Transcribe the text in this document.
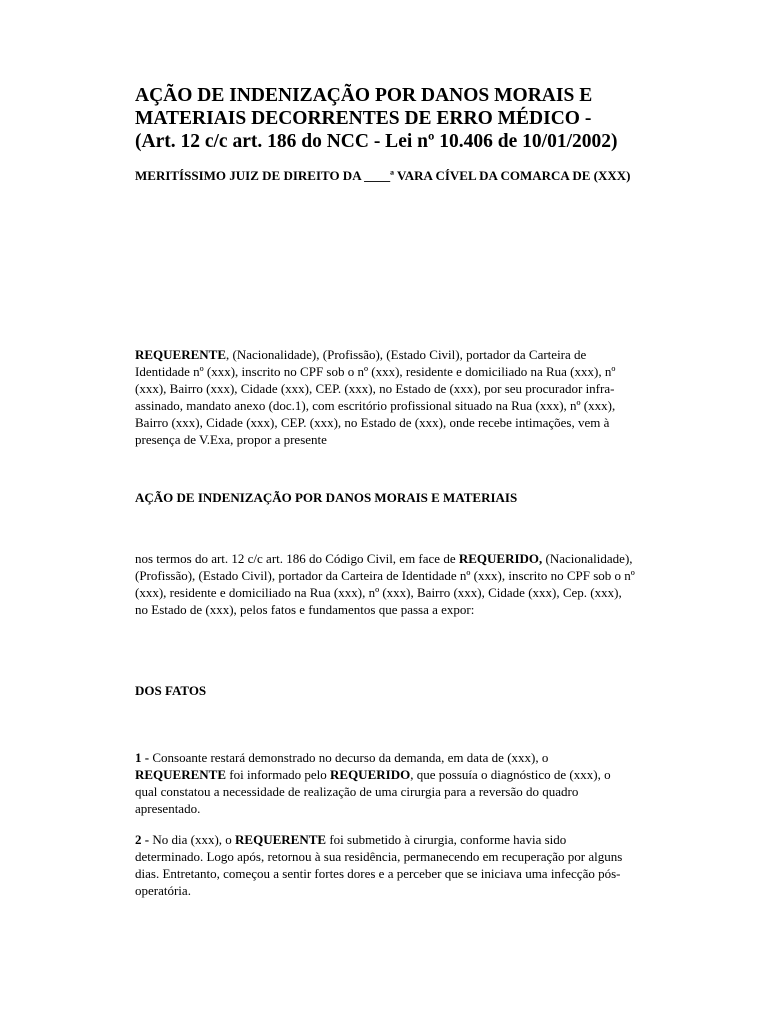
AÇÃO DE INDENIZAÇÃO POR DANOS MORAIS E MATERIAIS DECORRENTES DE ERRO MÉDICO - (Art. 12 c/c art. 186 do NCC - Lei nº 10.406 de 10/01/2002)

MERITÍSSIMO JUIZ DE DIREITO DA ____ª VARA CÍVEL DA COMARCA DE (XXX)

REQUERENTE, (Nacionalidade), (Profissão), (Estado Civil), portador da Carteira de Identidade nº (xxx), inscrito no CPF sob o nº (xxx), residente e domiciliado na Rua (xxx), nº (xxx), Bairro (xxx), Cidade (xxx), CEP. (xxx), no Estado de (xxx), por seu procurador infra-assinado, mandato anexo (doc.1), com escritório profissional situado na Rua (xxx), nº (xxx), Bairro (xxx), Cidade (xxx), CEP. (xxx), no Estado de (xxx), onde recebe intimações, vem à presença de V.Exa, propor a presente

AÇÃO DE INDENIZAÇÃO POR DANOS MORAIS E MATERIAIS

nos termos do art. 12 c/c art. 186 do Código Civil, em face de REQUERIDO, (Nacionalidade), (Profissão), (Estado Civil), portador da Carteira de Identidade nº (xxx), inscrito no CPF sob o nº (xxx), residente e domiciliado na Rua (xxx), nº (xxx), Bairro (xxx), Cidade (xxx), Cep. (xxx), no Estado de (xxx), pelos fatos e fundamentos que passa a expor:

DOS FATOS

1 - Consoante restará demonstrado no decurso da demanda, em data de (xxx), o REQUERENTE foi informado pelo REQUERIDO, que possuía o diagnóstico de (xxx), o qual constatou a necessidade de realização de uma cirurgia para a reversão do quadro apresentado.

2 - No dia (xxx), o REQUERENTE foi submetido à cirurgia, conforme havia sido determinado. Logo após, retornou à sua residência, permanecendo em recuperação por alguns dias. Entretanto, começou a sentir fortes dores e a perceber que se iniciava uma infecção pós-operatória.
